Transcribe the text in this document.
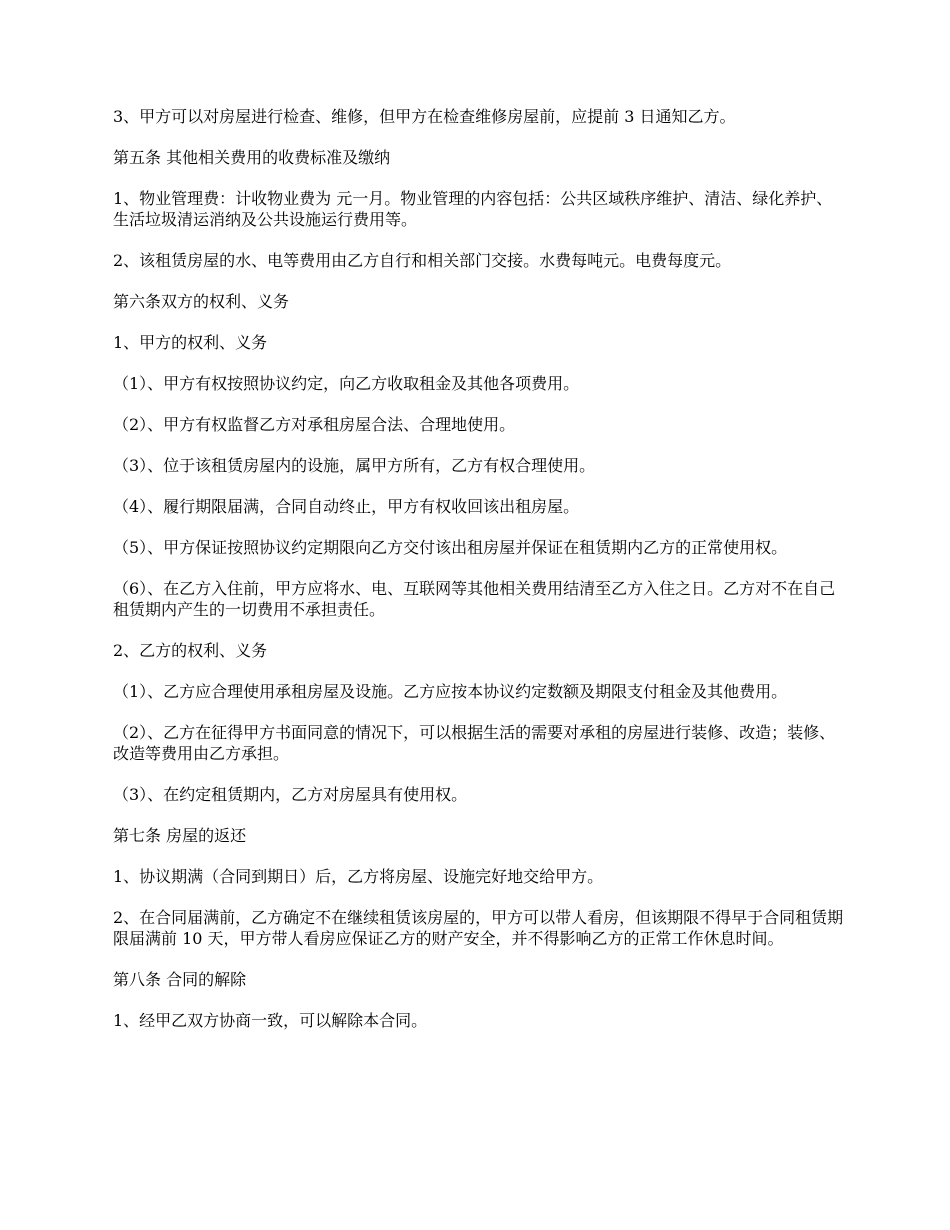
3、甲方可以对房屋进行检查、维修，但甲方在检查维修房屋前，应提前 3 日通知乙方。

第五条 其他相关费用的收费标准及缴纳

1、物业管理费：计收物业费为 元一月。物业管理的内容包括：公共区域秩序维护、清洁、绿化养护、生活垃圾清运消纳及公共设施运行费用等。

2、该租赁房屋的水、电等费用由乙方自行和相关部门交接。水费每吨元。电费每度元。

第六条双方的权利、义务

1、甲方的权利、义务

（1）、甲方有权按照协议约定，向乙方收取租金及其他各项费用。

（2）、甲方有权监督乙方对承租房屋合法、合理地使用。

（3）、位于该租赁房屋内的设施，属甲方所有，乙方有权合理使用。

（4）、履行期限届满，合同自动终止，甲方有权收回该出租房屋。

（5）、甲方保证按照协议约定期限向乙方交付该出租房屋并保证在租赁期内乙方的正常使用权。

（6）、在乙方入住前，甲方应将水、电、互联网等其他相关费用结清至乙方入住之日。乙方对不在自己租赁期内产生的一切费用不承担责任。

2、乙方的权利、义务

（1）、乙方应合理使用承租房屋及设施。乙方应按本协议约定数额及期限支付租金及其他费用。

（2）、乙方在征得甲方书面同意的情况下，可以根据生活的需要对承租的房屋进行装修、改造；装修、改造等费用由乙方承担。

（3）、在约定租赁期内，乙方对房屋具有使用权。

第七条 房屋的返还

1、协议期满（合同到期日）后，乙方将房屋、设施完好地交给甲方。

2、在合同届满前，乙方确定不在继续租赁该房屋的，甲方可以带人看房，但该期限不得早于合同租赁期限届满前 10 天，甲方带人看房应保证乙方的财产安全，并不得影响乙方的正常工作休息时间。

第八条 合同的解除

1、经甲乙双方协商一致，可以解除本合同。
